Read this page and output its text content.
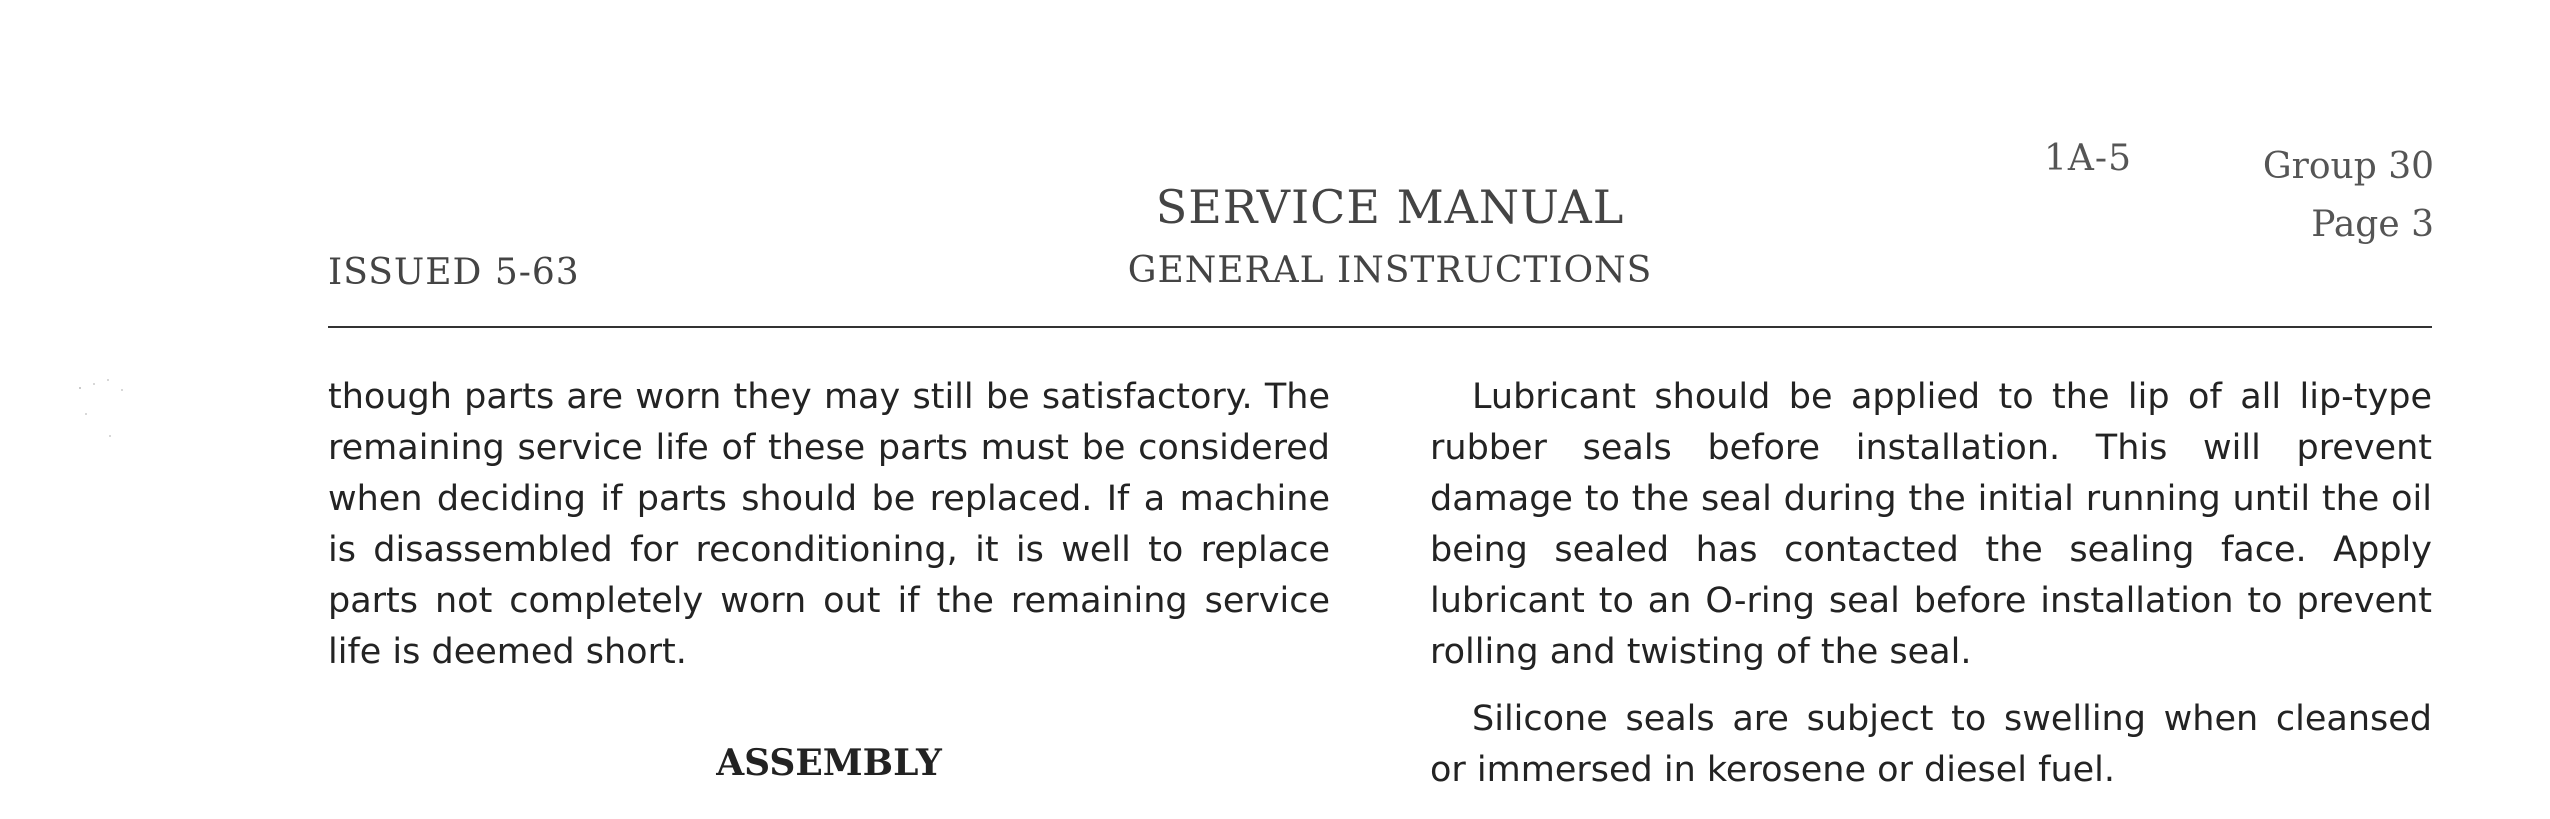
1A-5	Group 30
Page 3
SERVICE MANUAL
GENERAL INSTRUCTIONS
ISSUED 5-63

though parts are worn they may still be satisfactory. The remaining service life of these parts must be considered when deciding if parts should be replaced. If a machine is disassembled for reconditioning, it is well to replace parts not completely worn out if the remaining service life is deemed short.

ASSEMBLY

Lubricant should be applied to the lip of all lip-type rubber seals before installation. This will prevent damage to the seal during the initial running until the oil being sealed has contacted the sealing face. Apply lubricant to an O-ring seal before installation to prevent rolling and twisting of the seal.

Silicone seals are subject to swelling when cleansed or immersed in kerosene or diesel fuel.
